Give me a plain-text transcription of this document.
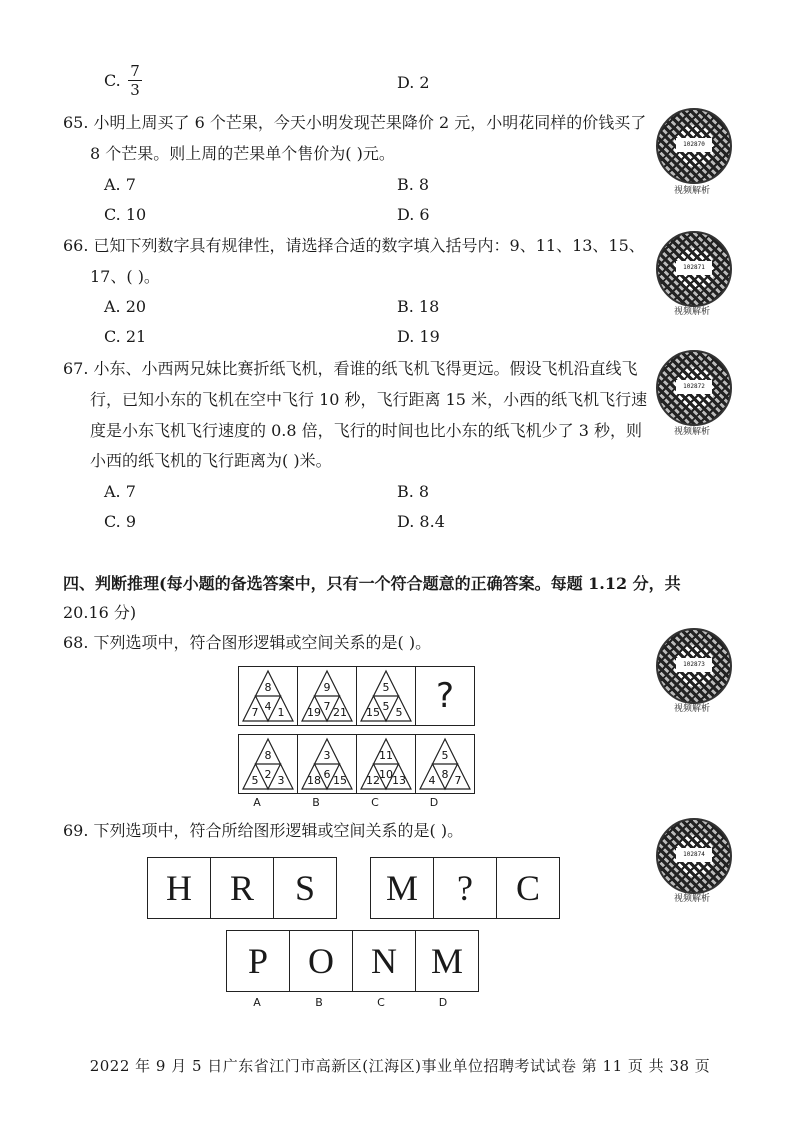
C. $\frac{7}{3}$	D. 2
65. 小明上周买了 6 个芒果，今天小明发现芒果降价 2 元，小明花同样的价钱买了
8 个芒果。则上周的芒果单个售价为( )元。
A. 7	B. 8
C. 10	D. 6
66. 已知下列数字具有规律性，请选择合适的数字填入括号内：9、11、13、15、
17、( )。
A. 20	B. 18
C. 21	D. 19
67. 小东、小西两兄妹比赛折纸飞机，看谁的纸飞机飞得更远。假设飞机沿直线飞
行，已知小东的飞机在空中飞行 10 秒，飞行距离 15 米，小西的纸飞机飞行速
度是小东飞机飞行速度的 0.8 倍，飞行的时间也比小东的纸飞机少了 3 秒，则
小西的纸飞机的飞行距离为( )米。
A. 7	B. 8
C. 9	D. 8.4
四、判断推理(每小题的备选答案中，只有一个符合题意的正确答案。每题 1.12 分，共
20.16 分)
68. 下列选项中，符合图形逻辑或空间关系的是( )。
8
7 4 1
9
19 7 21
5
15 5 5 ?
8
5 2 3
3
18 6 15
11
12 10 13
5
4 8 7
A	B	C	D
69. 下列选项中，符合所给图形逻辑或空间关系的是( )。
H	R	S	M	?	C
P	O	N M
A	B	C	D
102870
视频解析
102871
视频解析
102872
视频解析
102873
视频解析
102874
视频解析
2022 年 9 月 5 日广东省江门市高新区(江海区)事业单位招聘考试试卷 第 11 页 共 38 页
